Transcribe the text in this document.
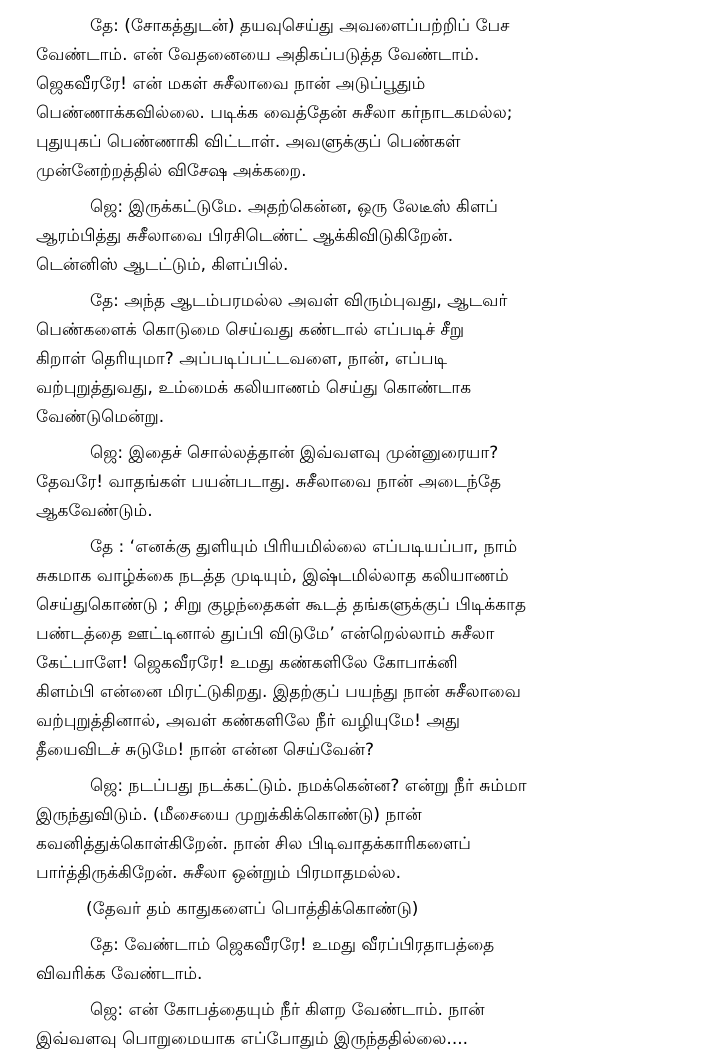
தே: (சோகத்துடன்) தயவுசெய்து அவளைப்பற்றிப் பேச
வேண்டாம். என் வேதனையை அதிகப்படுத்த வேண்டாம்.
ஜெகவீரரே! என் மகள் சுசீலாவை நான் அடுப்பூதும்
பெண்ணாக்கவில்லை. படிக்க வைத்தேன் சுசீலா கர்நாடகமல்ல;
புதுயுகப் பெண்ணாகி விட்டாள். அவளுக்குப் பெண்கள்
முன்னேற்றத்தில் விசேஷ அக்கறை.
ஜெ: இருக்கட்டுமே. அதற்கென்ன, ஒரு லேடீஸ் கிளப்
ஆரம்பித்து சுசீலாவை பிரசிடெண்ட் ஆக்கிவிடுகிறேன்.
டென்னிஸ் ஆடட்டும், கிளப்பில்.
தே: அந்த ஆடம்பரமல்ல அவள் விரும்புவது, ஆடவர்
பெண்களைக் கொடுமை செய்வது கண்டால் எப்படிச் சீறு
கிறாள் தெரியுமா? அப்படிப்பட்டவளை, நான், எப்படி
வற்புறுத்துவது, உம்மைக் கலியாணம் செய்து கொண்டாக
வேண்டுமென்று.
ஜெ: இதைச் சொல்லத்தான் இவ்வளவு முன்னுரையா?
தேவரே! வாதங்கள் பயன்படாது. சுசீலாவை நான் அடைந்தே
ஆகவேண்டும்.
தே : ‘எனக்கு துளியும் பிரியமில்லை எப்படியப்பா, நாம்
சுகமாக வாழ்க்கை நடத்த முடியும், இஷ்டமில்லாத கலியாணம்
செய்துகொண்டு ; சிறு குழந்தைகள் கூடத் தங்களுக்குப் பிடிக்காத
பண்டத்தை ஊட்டினால் துப்பி விடுமே’ என்றெல்லாம் சுசீலா
கேட்பாளே! ஜெகவீரரே! உமது கண்களிலே கோபாக்னி
கிளம்பி என்னை மிரட்டுகிறது. இதற்குப் பயந்து நான் சுசீலாவை
வற்புறுத்தினால், அவள் கண்களிலே நீர் வழியுமே! அது
தீயைவிடச் சுடுமே! நான் என்ன செய்வேன்?
ஜெ: நடப்பது நடக்கட்டும். நமக்கென்ன? என்று நீர் சும்மா
இருந்துவிடும். (மீசையை முறுக்கிக்கொண்டு) நான்
கவனித்துக்கொள்கிறேன். நான் சில பிடிவாதக்காரிகளைப்
பார்த்திருக்கிறேன். சுசீலா ஒன்றும் பிரமாதமல்ல.
(தேவர் தம் காதுகளைப் பொத்திக்கொண்டு)
தே: வேண்டாம் ஜெகவீரரே! உமது வீரப்பிரதாபத்தை
விவரிக்க வேண்டாம்.
ஜெ: என் கோபத்தையும் நீர் கிளற வேண்டாம். நான்
இவ்வளவு பொறுமையாக எப்போதும் இருந்ததில்லை....
